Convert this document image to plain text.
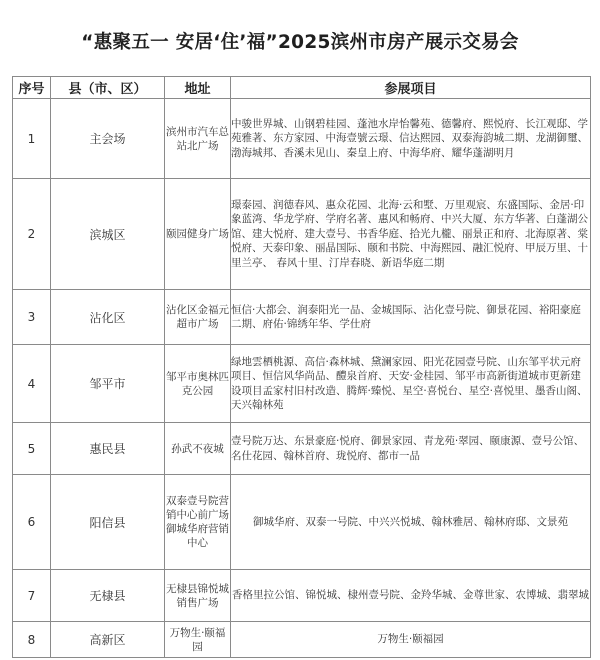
“惠聚五一 安居‘住’福”2025滨州市房产展示交易会
序号	县（市、区）	地址	参展项目
1	主会场	滨州市汽车总站北广场	中骏世界城、山钢碧桂园、蓬池水岸怡馨苑、德馨府、熙悦府、长江观邸、学苑雅著、东方家园、中海壹號云璟、信达熙园、双泰海韵城二期、龙湖御璽、渤海城邦、香溪未见山、秦皇上府、中海华府、耀华蓬湖明月
2	滨城区	颐园健身广场	璟泰园、润德春风、惠众花园、北海·云和墅、万里观宸、东盛国际、金居·印象蓝湾、华龙学府、学府名著、惠风和畅府、中兴大厦、东方华著、白蓬湖公馆、建大悦府、建大壹号、书香华庭、拾光九櫳、丽景正和府、北海原著、棠悦府、天泰印象、丽晶国际、颐和书院、中海熙园、融汇悦府、甲辰万里、十里兰亭、 春风十里、汀岸春晓、新语华庭二期
3	沾化区	沾化区金福元超市广场	恒信·大都会、润泰阳光一品、金城国际、沾化壹号院、御景花园、裕阳豪庭二期、府佑·锦绣年华、学仕府
4	邹平市	邹平市奥林匹克公园	绿地雲栖桃源、高信·森林城、黛澜家园、阳光花园壹号院、山东邹平状元府项目、恒信风华尚品、醴泉首府、天安·金桂园、邹平市高新街道城市更新建设项目孟家村旧村改造、腾辉·臻悦、星空·喜悦台、星空·喜悦里、墨香山阁、天兴翰林苑
5	惠民县	孙武不夜城	壹号院万达、东景豪庭·悦府、御景家园、青龙苑·翠园、颐康源、壹号公馆、名仕花园、翰林首府、珑悦府、都市一品
6	阳信县	双泰壹号院营销中心前广场 御城华府营销中心	御城华府、双泰一号院、中兴兴悦城、翰林雅居、翰林府邸、文景苑
7	无棣县	无棣县锦悦城销售广场	香格里拉公馆、锦悦城、棣州壹号院、金羚华城、金尊世家、农博城、翡翠城
8	高新区	万物生·颐福园	万物生·颐福园
